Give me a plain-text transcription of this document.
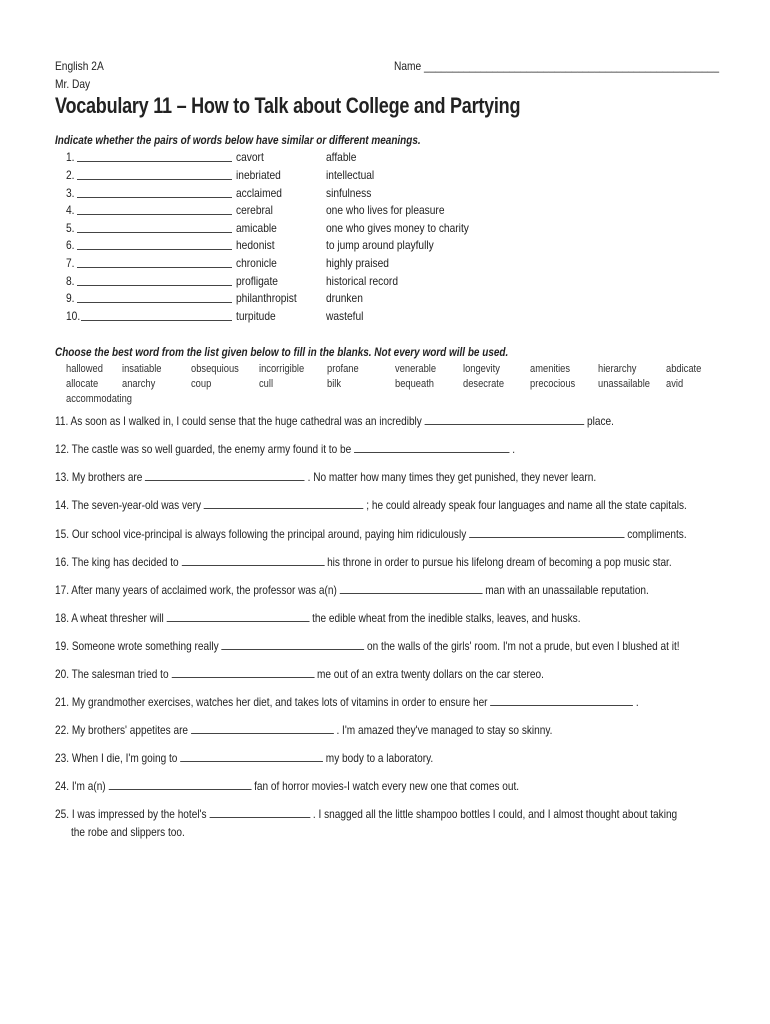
English 2A
Mr. Day
Name ____________________________________________________
Vocabulary 11 – How to Talk about College and Partying
Indicate whether the pairs of words below have similar or different meanings.
1.	cavort	affable
2.	inebriated	intellectual
3.	acclaimed	sinfulness
4.	cerebral	one who lives for pleasure
5.	amicable	one who gives money to charity
6.	hedonist	to jump around playfully
7.	chronicle	highly praised
8.	profligate	historical record
9.	philanthropist drunken
10.	turpitude	wasteful
Choose the best word from the list given below to fill in the blanks. Not every word will be used.
hallowed insatiable	obsequious incorrigible profane	venerable longevity	amenities	hierarchy	abdicate
allocate anarchy	coup	cull	bilk	bequeath	desecrate precocious unassailable avid
accommodating
11. As soon as I walked in, I could sense that the huge cathedral was an incredibly	place.
12. The castle was so well guarded, the enemy army found it to be	.
13. My brothers are	. No matter how many times they get punished, they never learn.
14. The seven-year-old was very	; he could already speak four languages and name all the state capitals.
15. Our school vice-principal is always following the principal around, paying him ridiculously	compliments.
16. The king has decided to	his throne in order to pursue his lifelong dream of becoming a pop music star.
17. After many years of acclaimed work, the professor was a(n)	man with an unassailable reputation.
18. A wheat thresher will	the edible wheat from the inedible stalks, leaves, and husks.
19. Someone wrote something really	on the walls of the girls' room. I'm not a prude, but even I blushed at it!
20. The salesman tried to	me out of an extra twenty dollars on the car stereo.
21. My grandmother exercises, watches her diet, and takes lots of vitamins in order to ensure her	.
22. My brothers' appetites are	. I'm amazed they've managed to stay so skinny.
23. When I die, I'm going to	my body to a laboratory.
24. I'm a(n)	fan of horror movies-I watch every new one that comes out.
25. I was impressed by the hotel's	. I snagged all the little shampoo bottles I could, and I almost thought about taking
the robe and slippers too.
